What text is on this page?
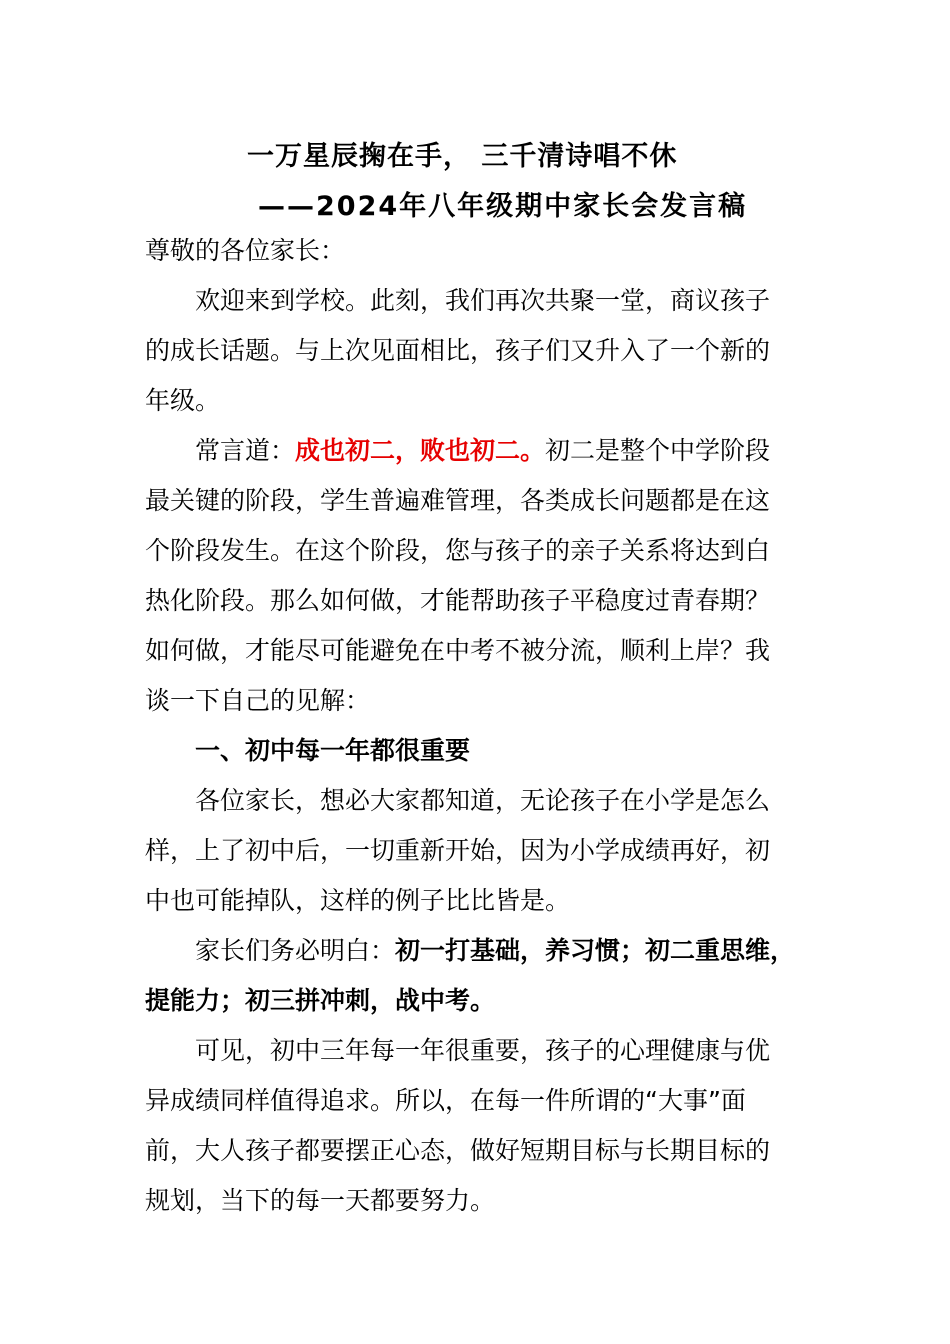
一万星辰掬在手， 三千清诗唱不休
——2024年八年级期中家长会发言稿
尊敬的各位家长：
欢迎来到学校。此刻，我们再次共聚一堂，商议孩子
的成长话题。与上次见面相比，孩子们又升入了一个新的
年级。
常言道：成也初二，败也初二。初二是整个中学阶段
最关键的阶段，学生普遍难管理，各类成长问题都是在这
个阶段发生。在这个阶段，您与孩子的亲子关系将达到白
热化阶段。那么如何做，才能帮助孩子平稳度过青春期？
如何做，才能尽可能避免在中考不被分流，顺利上岸？我
谈一下自己的见解：
一、初中每一年都很重要
各位家长，想必大家都知道，无论孩子在小学是怎么
样，上了初中后，一切重新开始，因为小学成绩再好，初
中也可能掉队，这样的例子比比皆是。
家长们务必明白：初一打基础，养习惯；初二重思维，
提能力；初三拼冲刺，战中考。
可见，初中三年每一年很重要，孩子的心理健康与优
异成绩同样值得追求。所以，在每一件所谓的“大事”面
前，大人孩子都要摆正心态，做好短期目标与长期目标的
规划，当下的每一天都要努力。
